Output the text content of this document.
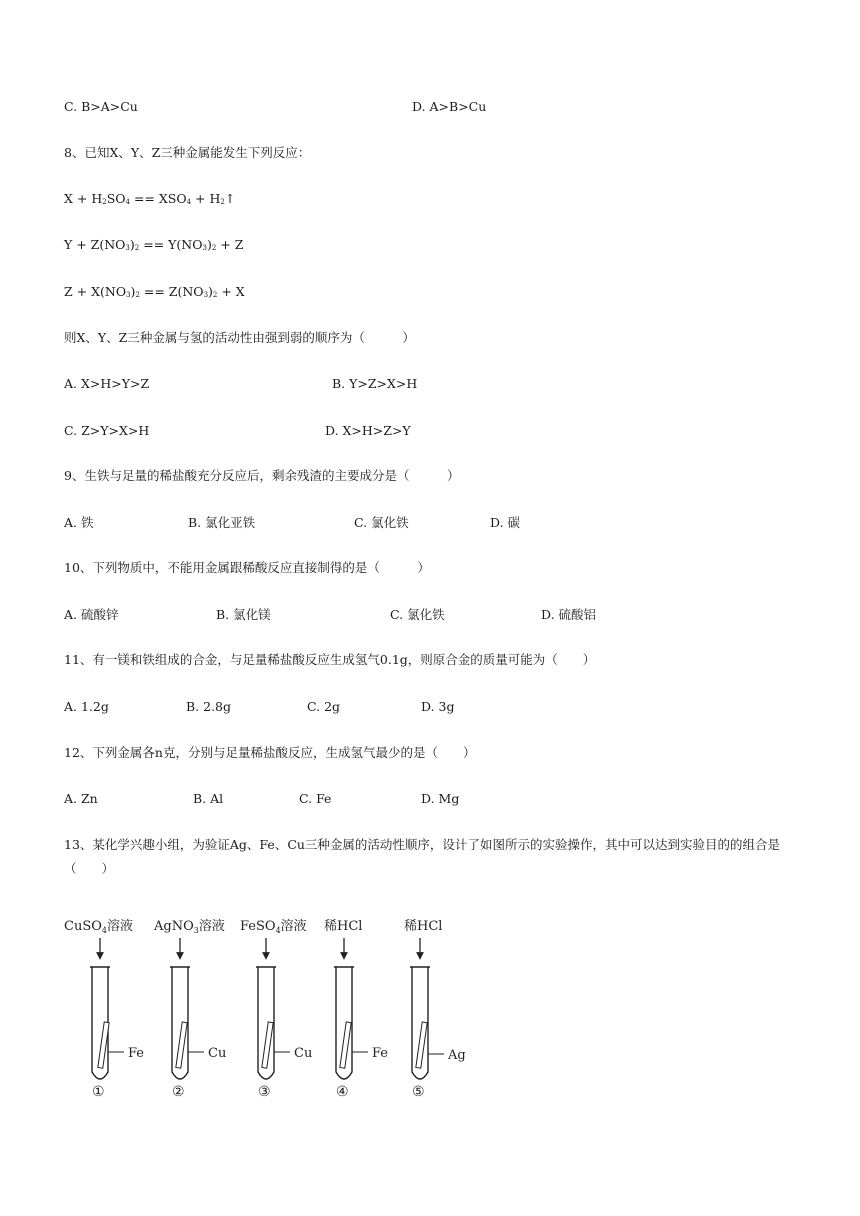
C. B>A>Cu	D. A>B>Cu
8、已知X、Y、Z三种金属能发生下列反应：
$X + H_2SO_4 == XSO_4$ + $H_2↑$
$Y + Z(NO_3)_2 == Y(NO_3)_2 + Z$
$Z + X(NO_3)_2 == Z(NO_3)_2 + X$
则X、Y、Z三种金属与氢的活动性由强到弱的顺序为（　　　）
A. X>H>Y>Z	B. Y>Z>X>H
C. Z>Y>X>H	D. X>H>Z>Y
9、生铁与足量的稀盐酸充分反应后，剩余残渣的主要成分是（　　　）
A. 铁	B. 氯化亚铁	C. 氯化铁	D. 碳
10、下列物质中，不能用金属跟稀酸反应直接制得的是（　　　）
A. 硫酸锌	B. 氯化镁	C. 氯化铁	D. 硫酸铝
11、有一镁和铁组成的合金，与足量稀盐酸反应生成氢气0.1g，则原合金的质量可能为（　　）
A. 1.2g	B. 2.8g	C. 2g	D. 3g
12、下列金属各n克，分别与足量稀盐酸反应，生成氢气最少的是（　　）
A. Zn	B. Al	C. Fe	D. Mg
13、某化学兴趣小组，为验证Ag、Fe、Cu三种金属的活动性顺序，设计了如图所示的实验操作，其中可以达到实验目的的组合是（　　）
CuSO$_4$溶液
Fe
①
AgNO$_3$溶液
Cu
②
FeSO$_4$溶液
Cu
③
稀HCl
Fe
④
稀HCl
Ag
⑤
